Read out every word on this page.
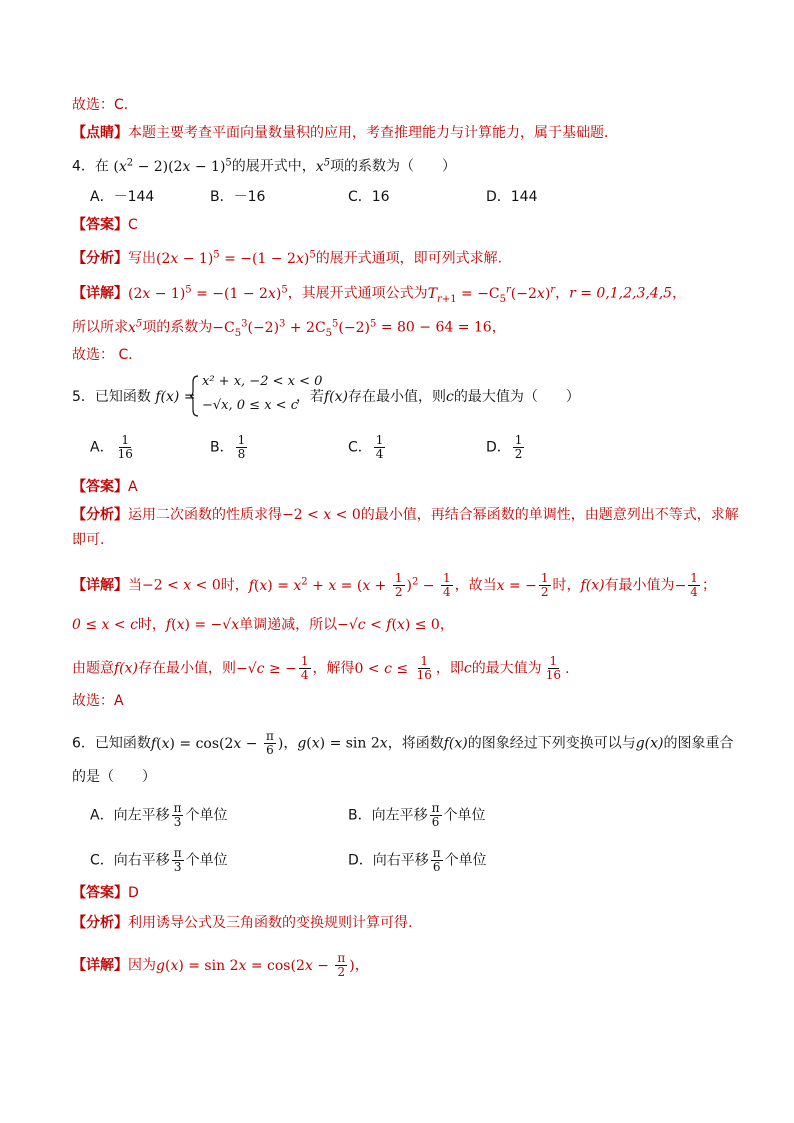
故选：C．
【点睛】本题主要考查平面向量数量积的应用，考查推理能力与计算能力，属于基础题．
4．在 $(x^2 - 2)(2x - 1)^5$的展开式中，$x^5$项的系数为（　　）
A．－144	B．－16	C．16	D．144
【答案】C
【分析】写出$(2x - 1)^5 = -(1 - 2x)^5$的展开式通项，即可列式求解.
【详解】$(2x - 1)^5 = -(1 - 2x)^5$，其展开式通项公式为$T_{r+1} = -C_5^r(-2x)^r$，r = 0,1,2,3,4,5，
所以所求$x^5$项的系数为$-C_5^3(-2)^3 + 2C_5^5(-2)^5 = 80 - 64 = 16$，
故选： C．
5．已知函数 f(x) =
x² + x, −2 < x < 0
−√x, 0 ≤ x < c
，若f(x)存在最小值，则c的最大值为（　　）
A． $\frac{1}{16}$	B． $\frac{1}{8}$	C． $\frac{1}{4}$	D． $\frac{1}{2}$
【答案】A
【分析】运用二次函数的性质求得−2 < x < 0的最小值，再结合幂函数的单调性，由题意列出不等式，求解
即可.
【详解】当−2 < x < 0时，$f(x) = x^2 + x = (x + \frac{1}{2} )^2 - \frac{1}{4}$ ，故当x = − $\frac{1}{2}$ 时，f(x)有最小值为− $\frac{1}{4}$ ；
0 ≤ x < c时，f(x) = −√x单调递减，所以−√c < f(x) ≤ 0，
由题意f(x)存在最小值，则−√c ≥ − $\frac{1}{4}$ ，解得$0 < c \le \frac{1}{16}$ ，即c的最大值为 $\frac{1}{16}$ .
故选：A
6．已知函数$f(x) = \cos(2x - \frac{\pi}{6}$ )，g(x) = sin 2x，将函数f(x)的图象经过下列变换可以与g(x)的图象重合
的是（　　）
A．向左平移 $\frac{\pi}{3}$ 个单位	B．向左平移 $\frac{\pi}{6}$ 个单位
C．向右平移 $\frac{\pi}{3}$ 个单位	D．向右平移 $\frac{\pi}{6}$ 个单位
【答案】D
【分析】利用诱导公式及三角函数的变换规则计算可得.
【详解】因为$g(x) = \sin 2x = \cos(2x - \frac{\pi}{2}$ )，
